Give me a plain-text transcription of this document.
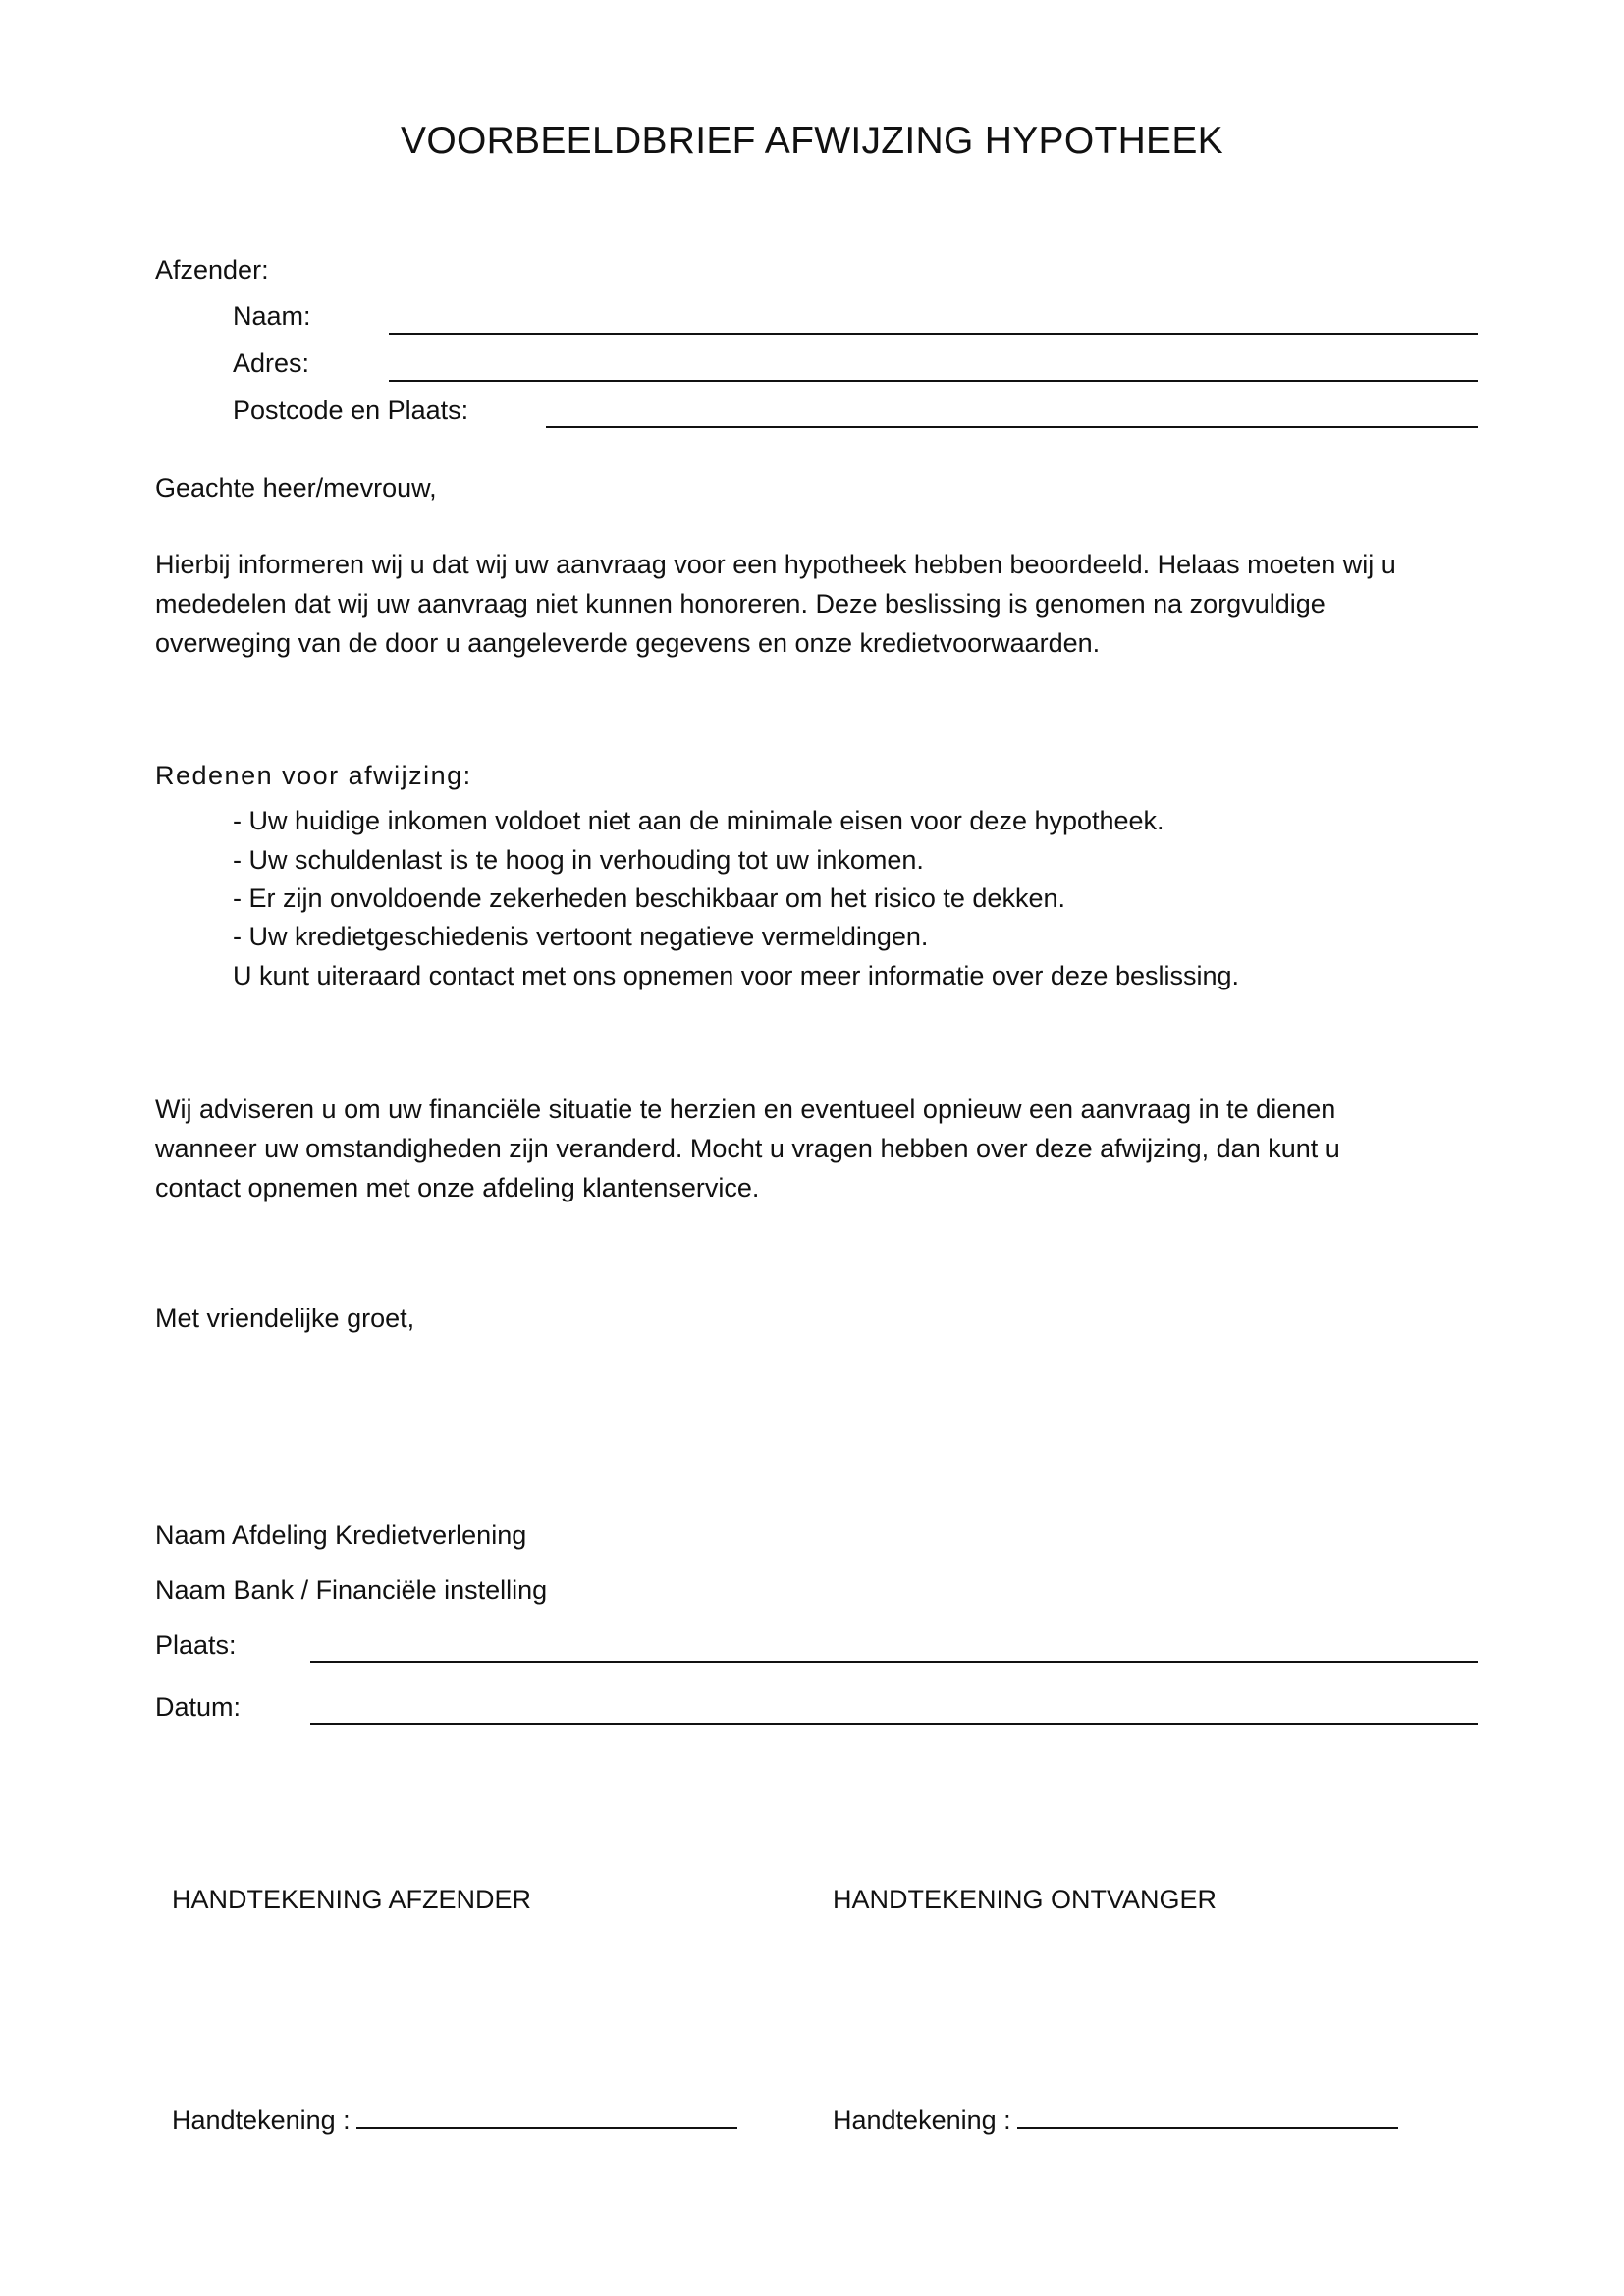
VOORBEELDBRIEF AFWIJZING HYPOTHEEK
Afzender:
Naam:
Adres:
Postcode en Plaats:
Geachte heer/mevrouw,
Hierbij informeren wij u dat wij uw aanvraag voor een hypotheek hebben beoordeeld. Helaas moeten wij u mededelen dat wij uw aanvraag niet kunnen honoreren. Deze beslissing is genomen na zorgvuldige overweging van de door u aangeleverde gegevens en onze kredietvoorwaarden.
Redenen voor afwijzing:
- Uw huidige inkomen voldoet niet aan de minimale eisen voor deze hypotheek.
- Uw schuldenlast is te hoog in verhouding tot uw inkomen.
- Er zijn onvoldoende zekerheden beschikbaar om het risico te dekken.
- Uw kredietgeschiedenis vertoont negatieve vermeldingen.
U kunt uiteraard contact met ons opnemen voor meer informatie over deze beslissing.
Wij adviseren u om uw financiële situatie te herzien en eventueel opnieuw een aanvraag in te dienen wanneer uw omstandigheden zijn veranderd. Mocht u vragen hebben over deze afwijzing, dan kunt u contact opnemen met onze afdeling klantenservice.
Met vriendelijke groet,
Naam Afdeling Kredietverlening
Naam Bank / Financiële instelling
Plaats:
Datum:
HANDTEKENING AFZENDER	HANDTEKENING ONTVANGER
Handtekening :	Handtekening :
